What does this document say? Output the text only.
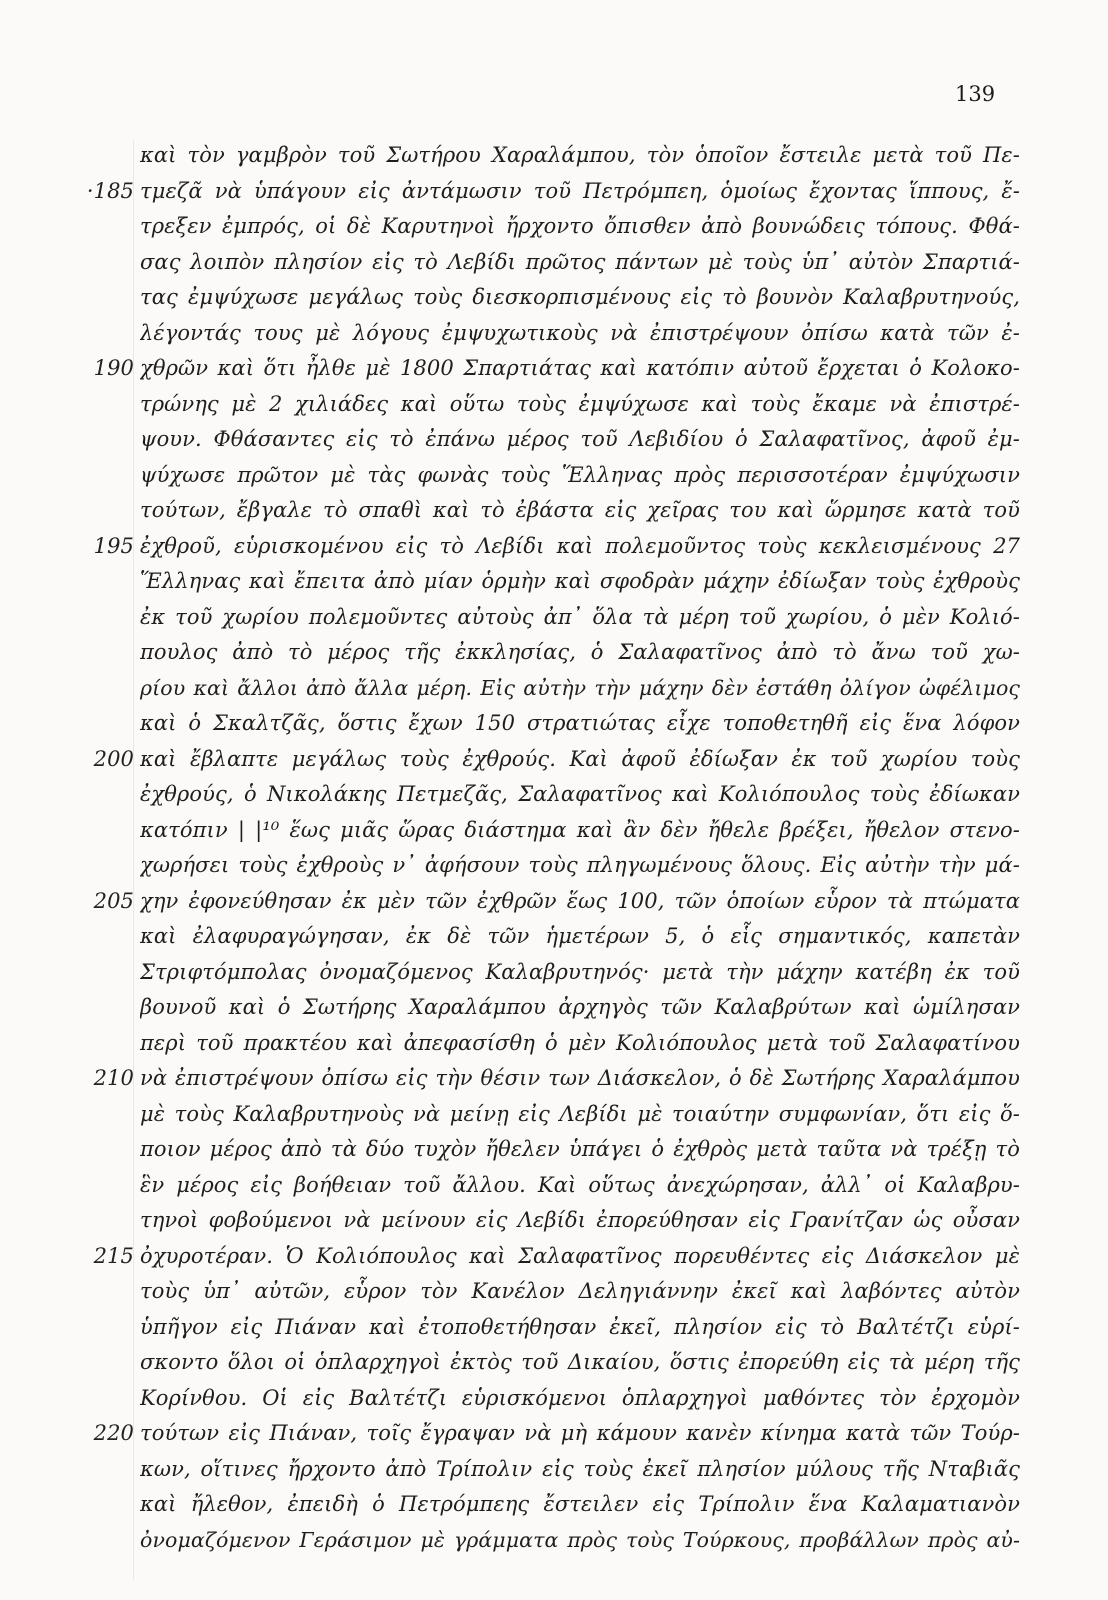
139
καὶ τὸν γαμβρὸν τοῦ Σωτήρου Χαραλάμπου, τὸν ὁποῖον ἔστειλε μετὰ τοῦ Πε-
·185 τμεζᾶ νὰ ὑπάγουν εἰς ἀντάμωσιν τοῦ Πετρόμπεη, ὁμοίως ἔχοντας ἵππους, ἔ-
τρεξεν ἐμπρός, οἱ δὲ Καρυτηνοὶ ἤρχοντο ὄπισθεν ἀπὸ βουνώδεις τόπους. Φθά-
σας λοιπὸν πλησίον εἰς τὸ Λεβίδι πρῶτος πάντων μὲ τοὺς ὑπ᾿ αὐτὸν Σπαρτιά-
τας ἐμψύχωσε μεγάλως τοὺς διεσκορπισμένους εἰς τὸ βουνὸν Καλαβρυτηνούς,
λέγοντάς τους μὲ λόγους ἐμψυχωτικοὺς νὰ ἐπιστρέψουν ὀπίσω κατὰ τῶν ἐ-
190 χθρῶν καὶ ὅτι ἦλθε μὲ 1800 Σπαρτιάτας καὶ κατόπιν αὐτοῦ ἔρχεται ὁ Κολοκο-
τρώνης μὲ 2 χιλιάδες καὶ οὕτω τοὺς ἐμψύχωσε καὶ τοὺς ἔκαμε νὰ ἐπιστρέ-
ψουν. Φθάσαντες εἰς τὸ ἐπάνω μέρος τοῦ Λεβιδίου ὁ Σαλαφατῖνος, ἀφοῦ ἐμ-
ψύχωσε πρῶτον μὲ τὰς φωνὰς τοὺς Ἕλληνας πρὸς περισσοτέραν ἐμψύχωσιν
τούτων, ἔβγαλε τὸ σπαθὶ καὶ τὸ ἐβάστα εἰς χεῖρας του καὶ ὥρμησε κατὰ τοῦ
195 ἐχθροῦ, εὑρισκομένου εἰς τὸ Λεβίδι καὶ πολεμοῦντος τοὺς κεκλεισμένους 27
Ἕλληνας καὶ ἔπειτα ἀπὸ μίαν ὁρμὴν καὶ σφοδρὰν μάχην ἐδίωξαν τοὺς ἐχθροὺς
ἐκ τοῦ χωρίου πολεμοῦντες αὐτοὺς ἀπ᾿ ὅλα τὰ μέρη τοῦ χωρίου, ὁ μὲν Κολιό-
πουλος ἀπὸ τὸ μέρος τῆς ἐκκλησίας, ὁ Σαλαφατῖνος ἀπὸ τὸ ἄνω τοῦ χω-
ρίου καὶ ἄλλοι ἀπὸ ἄλλα μέρη. Εἰς αὐτὴν τὴν μάχην δὲν ἐστάθη ὀλίγον ὠφέλιμος
καὶ ὁ Σκαλτζᾶς, ὅστις ἔχων 150 στρατιώτας εἶχε τοποθετηθῆ εἰς ἕνα λόφον
200 καὶ ἔβλαπτε μεγάλως τοὺς ἐχθρούς. Καὶ ἀφοῦ ἐδίωξαν ἐκ τοῦ χωρίου τοὺς
ἐχθρούς, ὁ Νικολάκης Πετμεζᾶς, Σαλαφατῖνος καὶ Κολιόπουλος τοὺς ἐδίωκαν
κατόπιν | |¹⁰ ἕως μιᾶς ὥρας διάστημα καὶ ἂν δὲν ἤθελε βρέξει, ἤθελον στενο-
χωρήσει τοὺς ἐχθροὺς ν᾿ ἀφήσουν τοὺς πληγωμένους ὅλους. Εἰς αὐτὴν τὴν μά-
205 χην ἐφονεύθησαν ἐκ μὲν τῶν ἐχθρῶν ἕως 100, τῶν ὁποίων εὗρον τὰ πτώματα
καὶ ἐλαφυραγώγησαν, ἐκ δὲ τῶν ἡμετέρων 5, ὁ εἷς σημαντικός, καπετὰν
Στριφτόμπολας ὀνομαζόμενος Καλαβρυτηνός· μετὰ τὴν μάχην κατέβη ἐκ τοῦ
βουνοῦ καὶ ὁ Σωτήρης Χαραλάμπου ἀρχηγὸς τῶν Καλαβρύτων καὶ ὡμίλησαν
περὶ τοῦ πρακτέου καὶ ἀπεφασίσθη ὁ μὲν Κολιόπουλος μετὰ τοῦ Σαλαφατίνου
210 νὰ ἐπιστρέψουν ὀπίσω εἰς τὴν θέσιν των Διάσκελον, ὁ δὲ Σωτήρης Χαραλάμπου
μὲ τοὺς Καλαβρυτηνοὺς νὰ μείνῃ εἰς Λεβίδι μὲ τοιαύτην συμφωνίαν, ὅτι εἰς ὅ-
ποιον μέρος ἀπὸ τὰ δύο τυχὸν ἤθελεν ὑπάγει ὁ ἐχθρὸς μετὰ ταῦτα νὰ τρέξῃ τὸ
ἓν μέρος εἰς βοήθειαν τοῦ ἄλλου. Καὶ οὕτως ἀνεχώρησαν, ἀλλ᾿ οἱ Καλαβρυ-
τηνοὶ φοβούμενοι νὰ μείνουν εἰς Λεβίδι ἐπορεύθησαν εἰς Γρανίτζαν ὡς οὖσαν
215 ὀχυροτέραν. Ὁ Κολιόπουλος καὶ Σαλαφατῖνος πορευθέντες εἰς Διάσκελον μὲ
τοὺς ὑπ᾿ αὐτῶν, εὗρον τὸν Κανέλον Δεληγιάννην ἐκεῖ καὶ λαβόντες αὐτὸν
ὑπῆγον εἰς Πιάναν καὶ ἐτοποθετήθησαν ἐκεῖ, πλησίον εἰς τὸ Βαλτέτζι εὑρί-
σκοντο ὅλοι οἱ ὁπλαρχηγοὶ ἐκτὸς τοῦ Δικαίου, ὅστις ἐπορεύθη εἰς τὰ μέρη τῆς
Κορίνθου. Οἱ εἰς Βαλτέτζι εὑρισκόμενοι ὁπλαρχηγοὶ μαθόντες τὸν ἐρχομὸν
220 τούτων εἰς Πιάναν, τοῖς ἔγραψαν νὰ μὴ κάμουν κανὲν κίνημα κατὰ τῶν Τούρ-
κων, οἵτινες ἤρχοντο ἀπὸ Τρίπολιν εἰς τοὺς ἐκεῖ πλησίον μύλους τῆς Νταβιᾶς
καὶ ἤλεθον, ἐπειδὴ ὁ Πετρόμπεης ἔστειλεν εἰς Τρίπολιν ἕνα Καλαματιανὸν
ὀνομαζόμενον Γεράσιμον μὲ γράμματα πρὸς τοὺς Τούρκους, προβάλλων πρὸς αὐ-
